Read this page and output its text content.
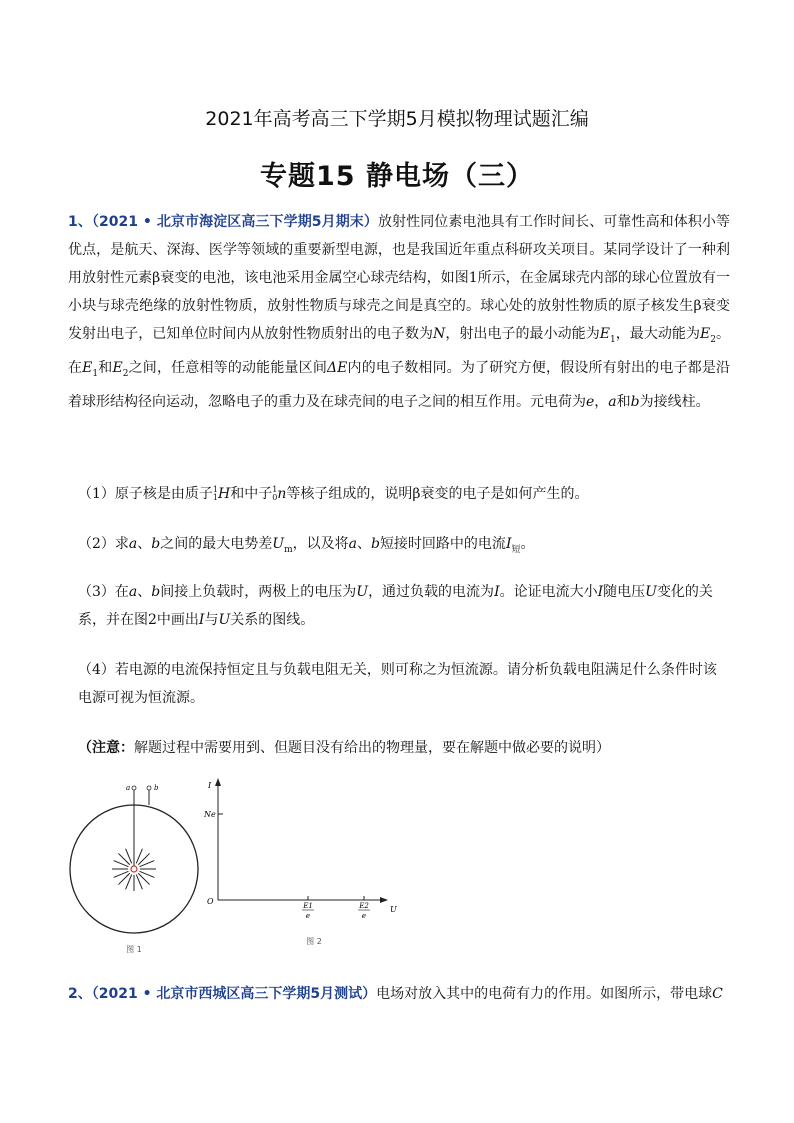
2021年高考高三下学期5月模拟物理试题汇编
专题15 静电场（三）
1、（2021 • 北京市海淀区高三下学期5月期末）放射性同位素电池具有工作时间长、可靠性高和体积小等优点，是航天、深海、医学等领域的重要新型电源，也是我国近年重点科研攻关项目。某同学设计了一种利用放射性元素β衰变的电池，该电池采用金属空心球壳结构，如图1所示，在金属球壳内部的球心位置放有一小块与球壳绝缘的放射性物质，放射性物质与球壳之间是真空的。球心处的放射性物质的原子核发生β衰变发射出电子，已知单位时间内从放射性物质射出的电子数为N，射出电子的最小动能为$E_1$，最大动能为$E_2$。在$E_1$和$E_2$之间，任意相等的动能能量区间ΔE内的电子数相同。为了研究方便，假设所有射出的电子都是沿着球形结构径向运动，忽略电子的重力及在球壳间的电子之间的相互作用。元电荷为e，a和b为接线柱。
（1）原子核是由质子1
1H和中子1
0n等核子组成的，说明β衰变的电子是如何产生的。
（2）求a、b之间的最大电势差$U_m$，以及将a、b短接时回路中的电流$I_短$。
（3）在a、b间接上负载时，两极上的电压为U，通过负载的电流为I。论证电流大小I随电压U变化的关系，并在图2中画出I与U关系的图线。
（4）若电源的电流保持恒定且与负载电阻无关，则可称之为恒流源。请分析负载电阻满足什么条件时该电源可视为恒流源。
（注意：解题过程中需要用到、但题目没有给出的物理量，要在解题中做必要的说明）
a	b
图 1
I
Ne
O
U
E1
e
E2
e
图 2
2、（2021 • 北京市西城区高三下学期5月测试）电场对放入其中的电荷有力的作用。如图所示，带电球C
